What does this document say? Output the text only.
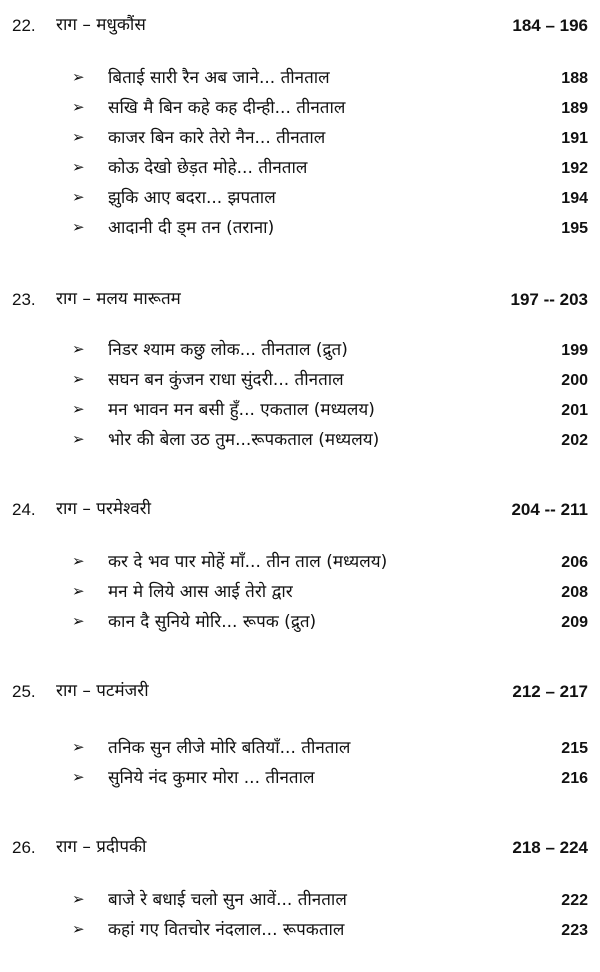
22. राग – मधुकौंस	184 – 196
➢ बिताई सारी रैन अब जाने... तीनताल	188
➢ सखि मै बिन कहे कह दीन्ही... तीनताल	189
➢ काजर बिन कारे तेरो नैन... तीनताल	191
➢ कोऊ देखो छेड़त मोहे... तीनताल	192
➢ झुकि आए बदरा... झपताल	194
➢ आदानी दी ड्म तन (तराना)	195
23. राग – मलय मारूतम	197 -- 203
➢ निडर श्याम कछु लोक... तीनताल (द्रुत)	199
➢ सघन बन कुंजन राधा सुंदरी... तीनताल	200
➢ मन भावन मन बसी हुँ... एकताल (मध्यलय)	201
➢ भोर की बेला उठ तुम...रूपकताल (मध्यलय)	202
24. राग – परमेश्वरी	204 -- 211
➢ कर दे भव पार मोहें माँ... तीन ताल (मध्यलय)	206
➢ मन मे लिये आस आई तेरो द्वार	208
➢ कान दै सुनिये मोरि... रूपक (द्रुत)	209
25. राग – पटमंजरी	212 – 217
➢ तनिक सुन लीजे मोरि बतियाँ... तीनताल	215
➢ सुनिये नंद कुमार मोरा ... तीनताल	216
26. राग – प्रदीपकी	218 – 224
➢ बाजे रे बधाई चलो सुन आवें... तीनताल	222
➢ कहां गए वितचोर नंदलाल... रूपकताल	223
